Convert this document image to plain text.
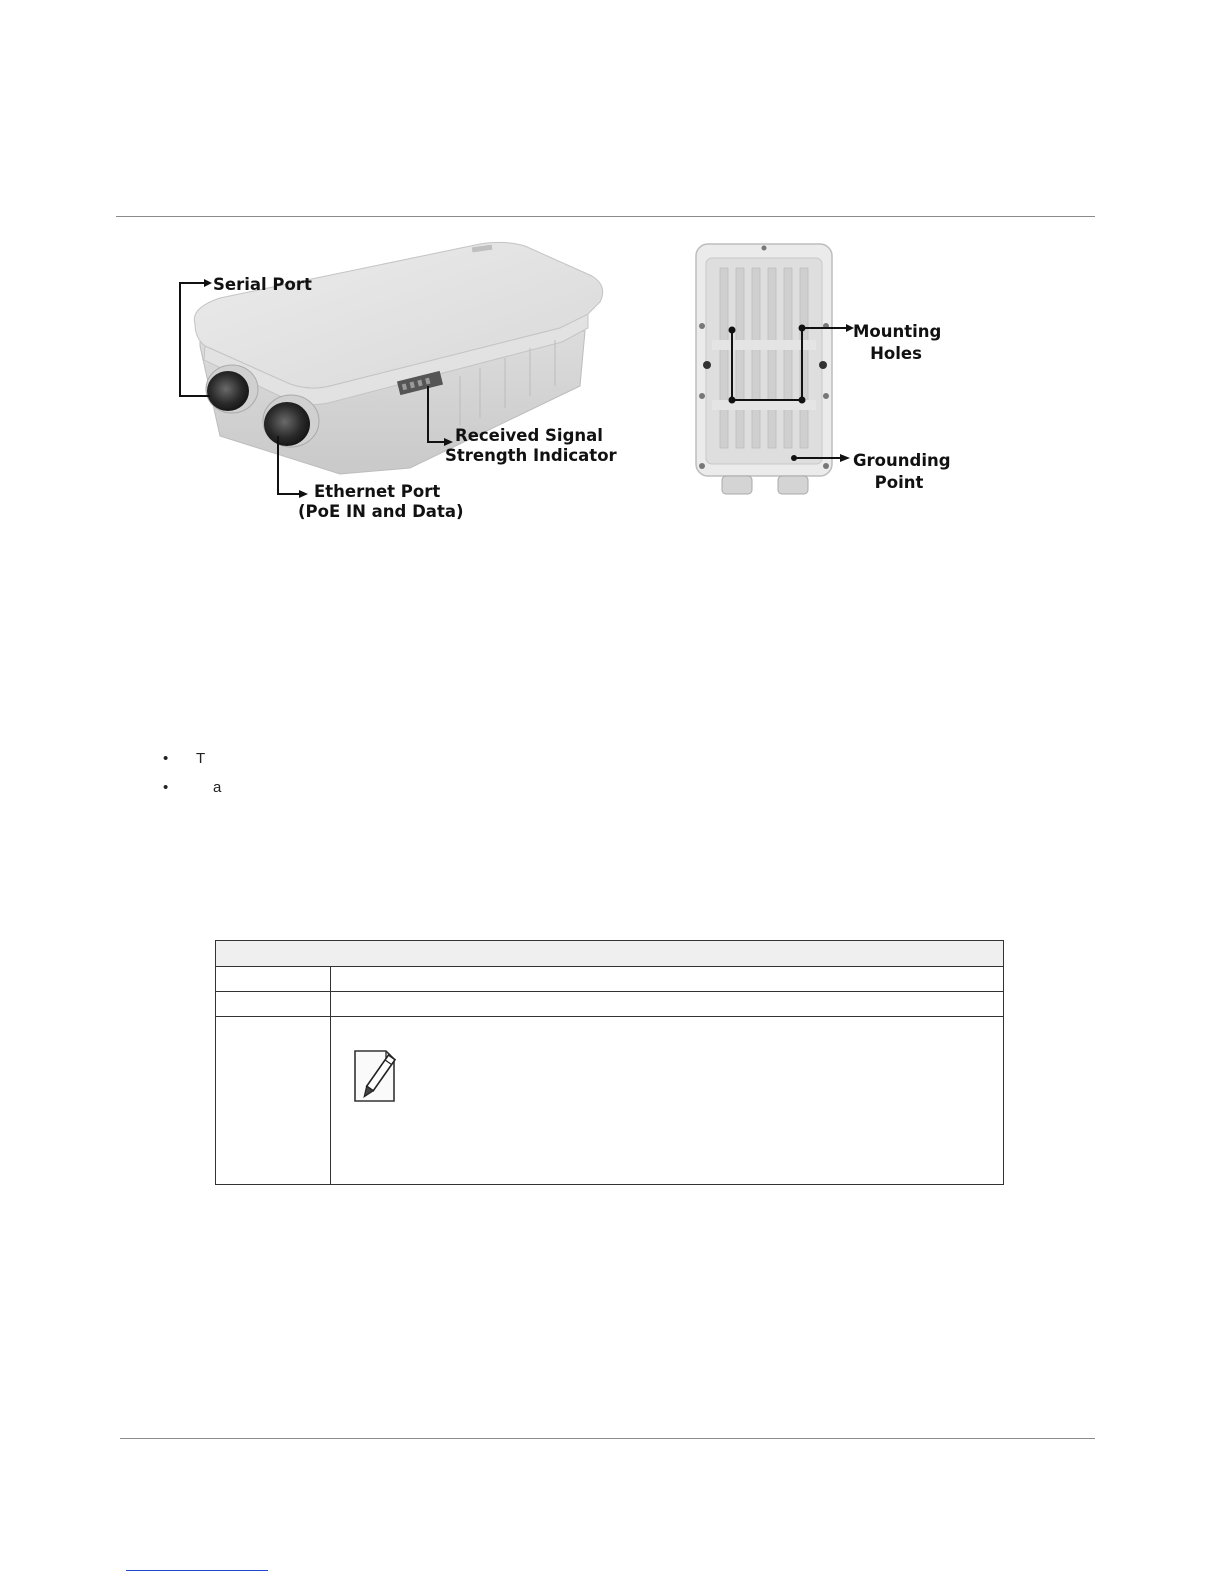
Serial Port
Received Signal
Strength Indicator
Ethernet Port
(PoE IN and Data)
Mounting
Holes
Grounding
Point
• T
•	a
